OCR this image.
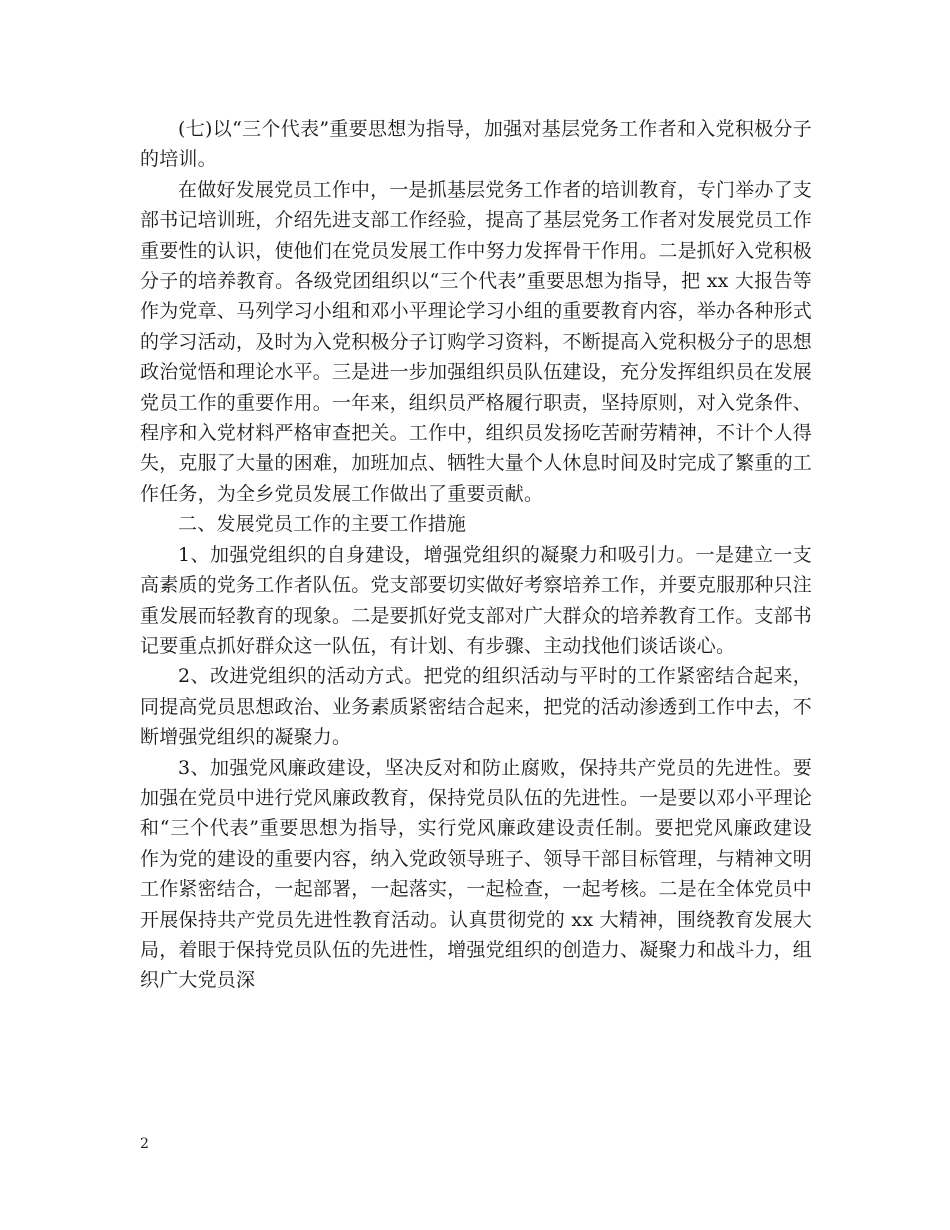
(七)以“三个代表”重要思想为指导，加强对基层党务工作者和入党积极分子的培训。

在做好发展党员工作中，一是抓基层党务工作者的培训教育，专门举办了支部书记培训班，介绍先进支部工作经验，提高了基层党务工作者对发展党员工作重要性的认识，使他们在党员发展工作中努力发挥骨干作用。二是抓好入党积极分子的培养教育。各级党团组织以“三个代表”重要思想为指导，把 xx 大报告等作为党章、马列学习小组和邓小平理论学习小组的重要教育内容，举办各种形式的学习活动，及时为入党积极分子订购学习资料，不断提高入党积极分子的思想政治觉悟和理论水平。三是进一步加强组织员队伍建设，充分发挥组织员在发展党员工作的重要作用。一年来，组织员严格履行职责，坚持原则，对入党条件、程序和入党材料严格审查把关。工作中，组织员发扬吃苦耐劳精神，不计个人得失，克服了大量的困难，加班加点、牺牲大量个人休息时间及时完成了繁重的工作任务，为全乡党员发展工作做出了重要贡献。

二、发展党员工作的主要工作措施

1、加强党组织的自身建设，增强党组织的凝聚力和吸引力。一是建立一支高素质的党务工作者队伍。党支部要切实做好考察培养工作，并要克服那种只注重发展而轻教育的现象。二是要抓好党支部对广大群众的培养教育工作。支部书记要重点抓好群众这一队伍，有计划、有步骤、主动找他们谈话谈心。

2、改进党组织的活动方式。把党的组织活动与平时的工作紧密结合起来，同提高党员思想政治、业务素质紧密结合起来，把党的活动渗透到工作中去，不断增强党组织的凝聚力。

3、加强党风廉政建设，坚决反对和防止腐败，保持共产党员的先进性。要加强在党员中进行党风廉政教育，保持党员队伍的先进性。一是要以邓小平理论和“三个代表”重要思想为指导，实行党风廉政建设责任制。要把党风廉政建设作为党的建设的重要内容，纳入党政领导班子、领导干部目标管理，与精神文明工作紧密结合，一起部署，一起落实，一起检查，一起考核。二是在全体党员中开展保持共产党员先进性教育活动。认真贯彻党的 xx 大精神，围绕教育发展大局，着眼于保持党员队伍的先进性，增强党组织的创造力、凝聚力和战斗力，组织广大党员深

2
